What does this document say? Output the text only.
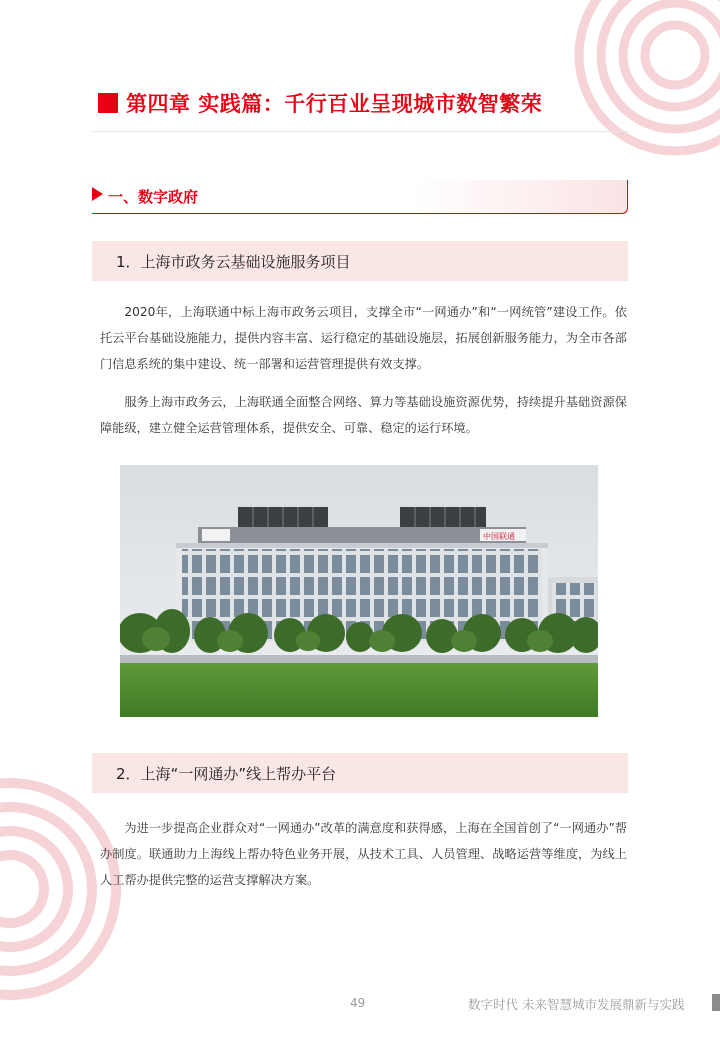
第四章 实践篇：千行百业呈现城市数智繁荣
一、数字政府
1．上海市政务云基础设施服务项目

2020年，上海联通中标上海市政务云项目，支撑全市“一网通办”和“一网统管”建设工作。依托云平台基础设施能力，提供内容丰富、运行稳定的基础设施层，拓展创新服务能力，为全市各部门信息系统的集中建设、统一部署和运营管理提供有效支撑。

服务上海市政务云，上海联通全面整合网络、算力等基础设施资源优势，持续提升基础资源保障能级，建立健全运营管理体系，提供安全、可靠、稳定的运行环境。

中国联通
2．上海“一网通办”线上帮办平台

为进一步提高企业群众对“一网通办”改革的满意度和获得感，上海在全国首创了“一网通办”帮办制度。联通助力上海线上帮办特色业务开展，从技术工具、人员管理、战略运营等维度，为线上人工帮办提供完整的运营支撑解决方案。

49	数字时代 未来智慧城市发展鼎新与实践
